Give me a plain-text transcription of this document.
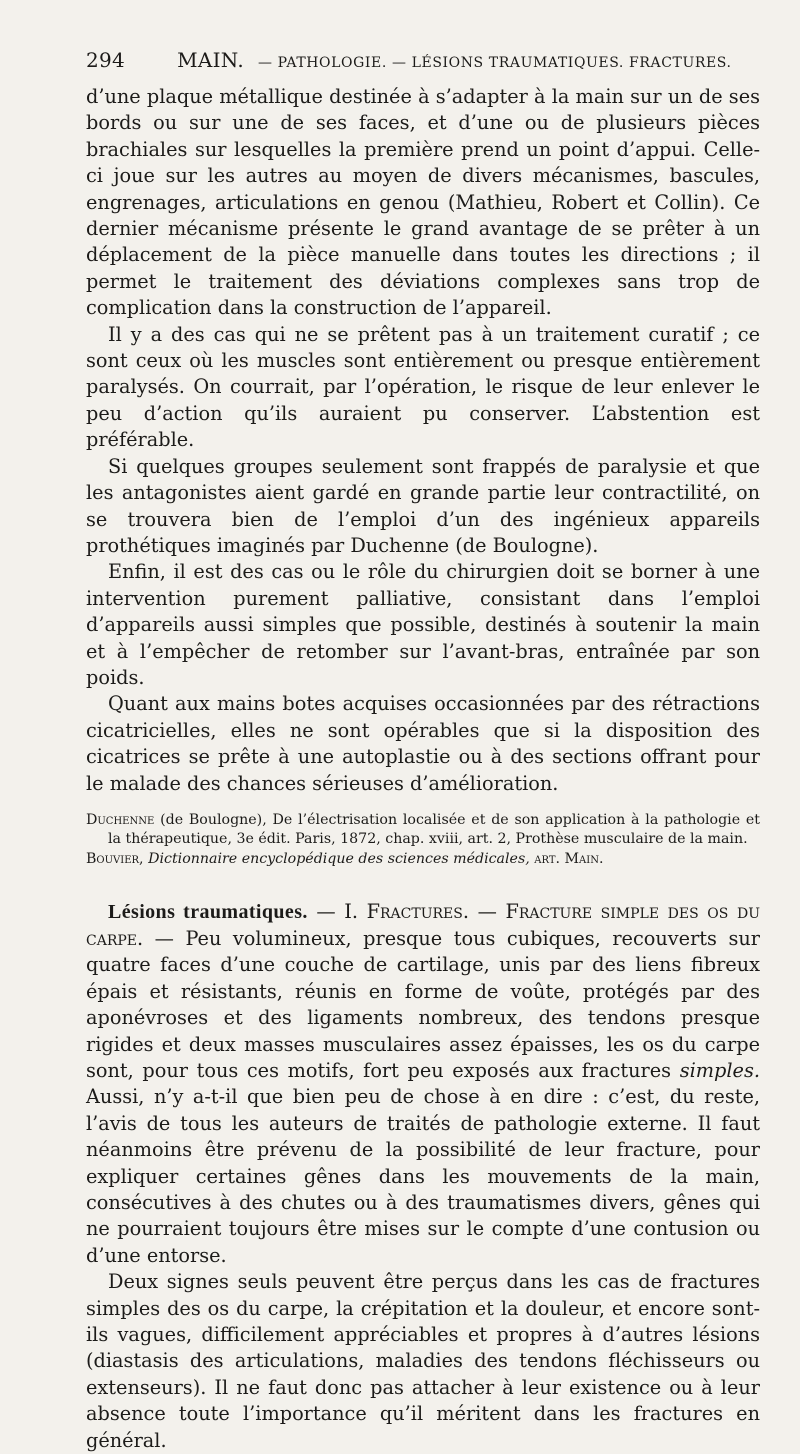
294	MAIN. — PATHOLOGIE. — LÉSIONS TRAUMATIQUES. FRACTURES.

d’une plaque métallique destinée à s’adapter à la main sur un de ses bords ou sur une de ses faces, et d’une ou de plusieurs pièces brachiales sur lesquelles la première prend un point d’appui. Celle-ci joue sur les autres au moyen de divers mécanismes, bascules, engrenages, articulations en genou (Mathieu, Robert et Collin). Ce dernier mécanisme présente le grand avantage de se prêter à un déplacement de la pièce manuelle dans toutes les directions ; il permet le traitement des déviations complexes sans trop de complication dans la construction de l’appareil.

Il y a des cas qui ne se prêtent pas à un traitement curatif ; ce sont ceux où les muscles sont entièrement ou presque entièrement paralysés. On courrait, par l’opération, le risque de leur enlever le peu d’action qu’ils auraient pu conserver. L’abstention est préférable.

Si quelques groupes seulement sont frappés de paralysie et que les antagonistes aient gardé en grande partie leur contractilité, on se trouvera bien de l’emploi d’un des ingénieux appareils prothétiques imaginés par Duchenne (de Boulogne).

Enfin, il est des cas ou le rôle du chirurgien doit se borner à une intervention purement palliative, consistant dans l’emploi d’appareils aussi simples que possible, destinés à soutenir la main et à l’empêcher de retomber sur l’avant-bras, entraînée par son poids.

Quant aux mains botes acquises occasionnées par des rétractions cicatricielles, elles ne sont opérables que si la disposition des cicatrices se prête à une autoplastie ou à des sections offrant pour le malade des chances sérieuses d’amélioration.

Duchenne (de Boulogne), De l’électrisation localisée et de son application à la pathologie et la thérapeutique, 3e édit. Paris, 1872, chap. xviii, art. 2, Prothèse musculaire de la main.
Bouvier, Dictionnaire encyclopédique des sciences médicales, art. Main.

Lésions traumatiques. — I. Fractures. — Fracture simple des os du carpe. — Peu volumineux, presque tous cubiques, recouverts sur quatre faces d’une couche de cartilage, unis par des liens fibreux épais et résistants, réunis en forme de voûte, protégés par des aponévroses et des ligaments nombreux, des tendons presque rigides et deux masses musculaires assez épaisses, les os du carpe sont, pour tous ces motifs, fort peu exposés aux fractures simples. Aussi, n’y a-t-il que bien peu de chose à en dire : c’est, du reste, l’avis de tous les auteurs de traités de pathologie externe. Il faut néanmoins être prévenu de la possibilité de leur fracture, pour expliquer certaines gênes dans les mouvements de la main, consécutives à des chutes ou à des traumatismes divers, gênes qui ne pourraient toujours être mises sur le compte d’une contusion ou d’une entorse.

Deux signes seuls peuvent être perçus dans les cas de fractures simples des os du carpe, la crépitation et la douleur, et encore sont-ils vagues, difficilement appréciables et propres à d’autres lésions (diastasis des articulations, maladies des tendons fléchisseurs ou extenseurs). Il ne faut donc pas attacher à leur existence ou à leur absence toute l’importance qu’il méritent dans les fractures en général.
